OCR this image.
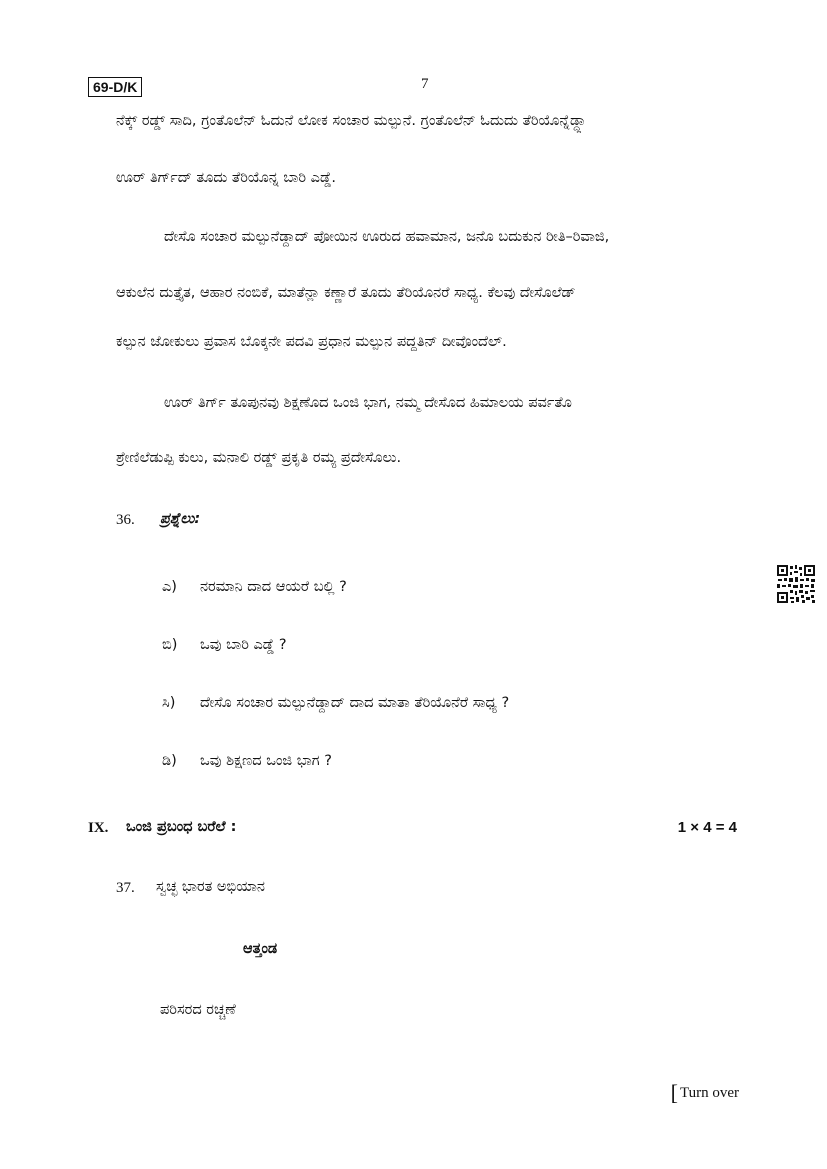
69-D/K	7
ನೆಕ್ಕ್ ರಡ್ಡ್ ಸಾದಿ, ಗ್ರಂತೊಲೆನ್ ಓದುನೆ ಲೋಕ ಸಂಚಾರ ಮಲ್ಪುನೆ. ಗ್ರಂತೊಲೆನ್ ಓದುದು ತೆರಿಯೊನ್ನೆಡ್ದ್ಲಾ
ಊರ್ ತಿರ್ಗ್‌ದ್ ತೂದು ತೆರಿಯೊನ್ನ ಬಾರಿ ಎಡ್ಡೆ.
ದೇಸೊ ಸಂಚಾರ ಮಲ್ಪುನೆಡ್ದಾದ್ ಪೋಯಿನ ಊರುದ ಹವಾಮಾನ, ಜನೊ ಬದುಕುನ ರೀತಿ–ರಿವಾಜಿ,
ಆಕುಲೆನ ದುತ್ತೈತ, ಆಹಾರ ನಂಬಿಕೆ, ಮಾತೆನ್ಲಾ ಕಣ್ಣಾರೆ ತೂದು ತೆರಿಯೊನರೆ ಸಾಧ್ಯ. ಕೆಲವು ದೇಸೊಲೆಡ್
ಕಲ್ಪುನ ಜೋಕುಲು ಪ್ರವಾಸ ಬೊಕ್ಕನೇ ಪದವಿ ಪ್ರಧಾನ ಮಲ್ಪುನ ಪದ್ದತಿನ್ ದೀವೊಂದೆಲ್.
ಊರ್ ತಿರ್ಗ್ ತೂಪುನವು ಶಿಕ್ಷಣೊದ ಒಂಜಿ ಭಾಗ, ನಮ್ಮ ದೇಸೊದ ಹಿಮಾಲಯ ಪರ್ವತೊ
ಶ್ರೇಣಿಲೆಡುಪ್ಪಿ ಕುಲು, ಮನಾಲಿ ರಡ್ಡ್ ಪ್ರಕೃತಿ ರಮ್ಯ ಪ್ರದೇಸೊಲು.
36. ಪ್ರಶ್ನೆಲು:
ಎ) ನರಮಾನಿ ದಾದ ಆಯರೆ ಬಲ್ಲಿ ?
ಬಿ) ಒವು ಬಾರಿ ಎಡ್ಡೆ ?
ಸಿ) ದೇಸೊ ಸಂಚಾರ ಮಲ್ಪುನೆಡ್ದಾದ್ ದಾದ ಮಾತಾ ತೆರಿಯೊನೆರೆ ಸಾಧ್ಯ ?
ಡಿ) ಒವು ಶಿಕ್ಷಣದ ಒಂಜಿ ಭಾಗ ?
IX. ಒಂಜಿ ಪ್ರಬಂಧ ಬರೆಲೆ :	1 × 4 = 4
37. ಸ್ವಚ್ಛ ಭಾರತ ಅಭಿಯಾನ
ಆತ್ತಂಡ
ಪರಿಸರದ ರಚ್ಚಣೆ
[ Turn over
